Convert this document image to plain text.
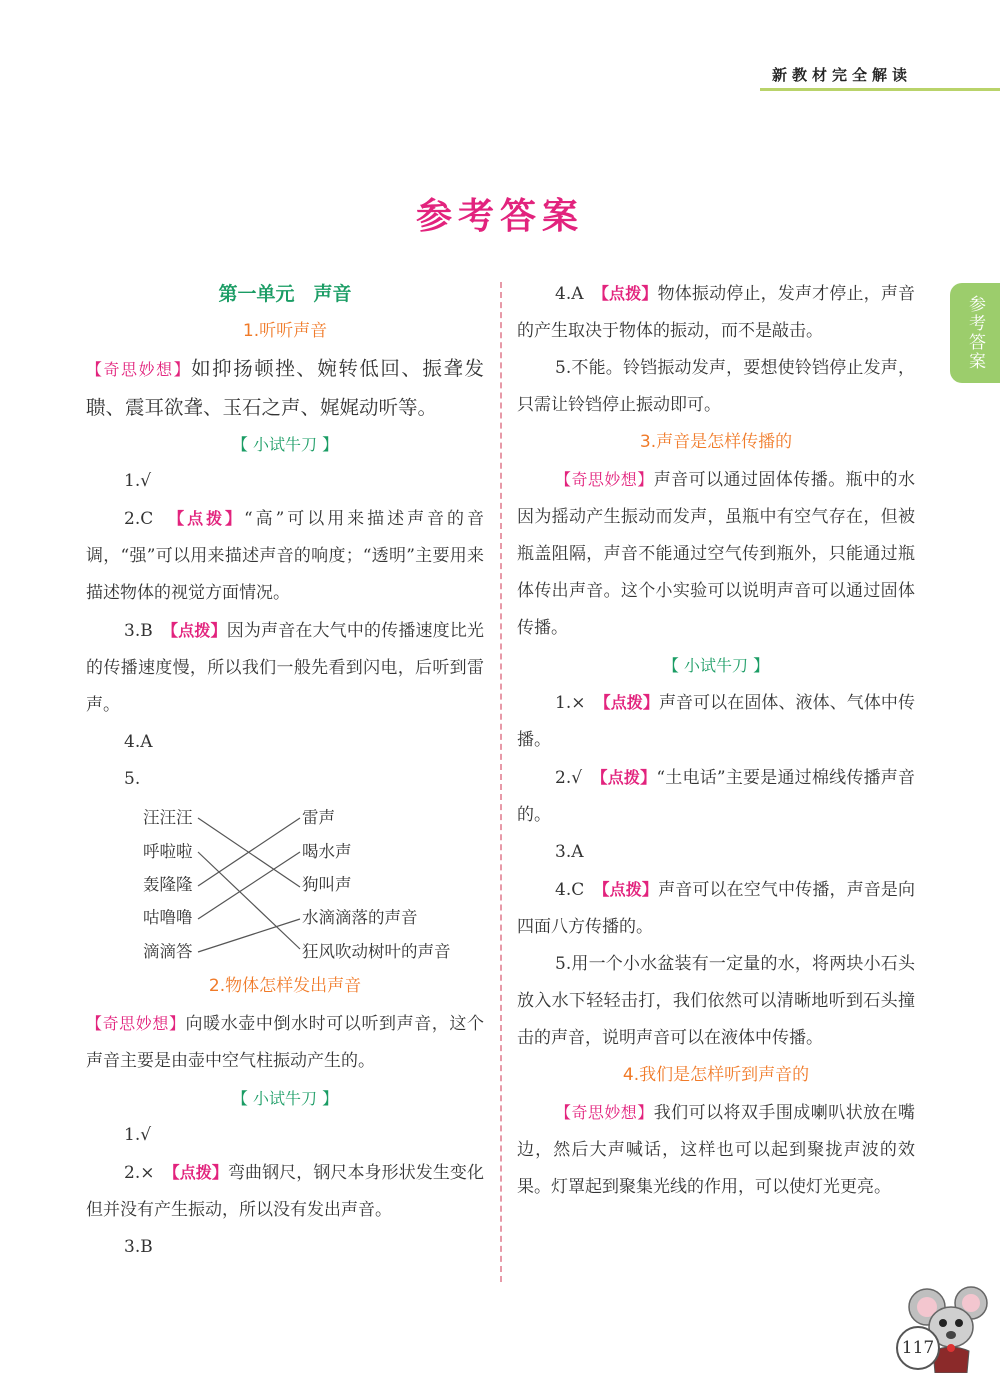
新教材完全解读
参考答案
参考答案
第一单元　声音
1.听听声音

【奇思妙想】如抑扬顿挫、婉转低回、振聋发聩、震耳欲聋、玉石之声、娓娓动听等。

【 小试牛刀 】

1.√

2.C　【点拨】“高”可以用来描述声音的音调，“强”可以用来描述声音的响度；“透明”主要用来描述物体的视觉方面情况。

3.B　【点拨】因为声音在大气中的传播速度比光的传播速度慢，所以我们一般先看到闪电，后听到雷声。

4.A

5.

汪汪汪
呼啦啦
轰隆隆
咕噜噜
滴滴答
雷声
喝水声
狗叫声
水滴滴落的声音
狂风吹动树叶的声音
2.物体怎样发出声音

【奇思妙想】向暖水壶中倒水时可以听到声音，这个声音主要是由壶中空气柱振动产生的。

【 小试牛刀 】

1.√

2.×　【点拨】弯曲钢尺，钢尺本身形状发生变化但并没有产生振动，所以没有发出声音。

3.B

4.A　【点拨】物体振动停止，发声才停止，声音的产生取决于物体的振动，而不是敲击。

5.不能。铃铛振动发声，要想使铃铛停止发声，只需让铃铛停止振动即可。

3.声音是怎样传播的

【奇思妙想】声音可以通过固体传播。瓶中的水因为摇动产生振动而发声，虽瓶中有空气存在，但被瓶盖阻隔，声音不能通过空气传到瓶外，只能通过瓶体传出声音。这个小实验可以说明声音可以通过固体传播。

【 小试牛刀 】

1.×　【点拨】声音可以在固体、液体、气体中传播。

2.√　【点拨】“土电话”主要是通过棉线传播声音的。

3.A

4.C　【点拨】声音可以在空气中传播，声音是向四面八方传播的。

5.用一个小水盆装有一定量的水，将两块小石头放入水下轻轻击打，我们依然可以清晰地听到石头撞击的声音，说明声音可以在液体中传播。

4.我们是怎样听到声音的

【奇思妙想】我们可以将双手围成喇叭状放在嘴边，然后大声喊话，这样也可以起到聚拢声波的效果。灯罩起到聚集光线的作用，可以使灯光更亮。

117
